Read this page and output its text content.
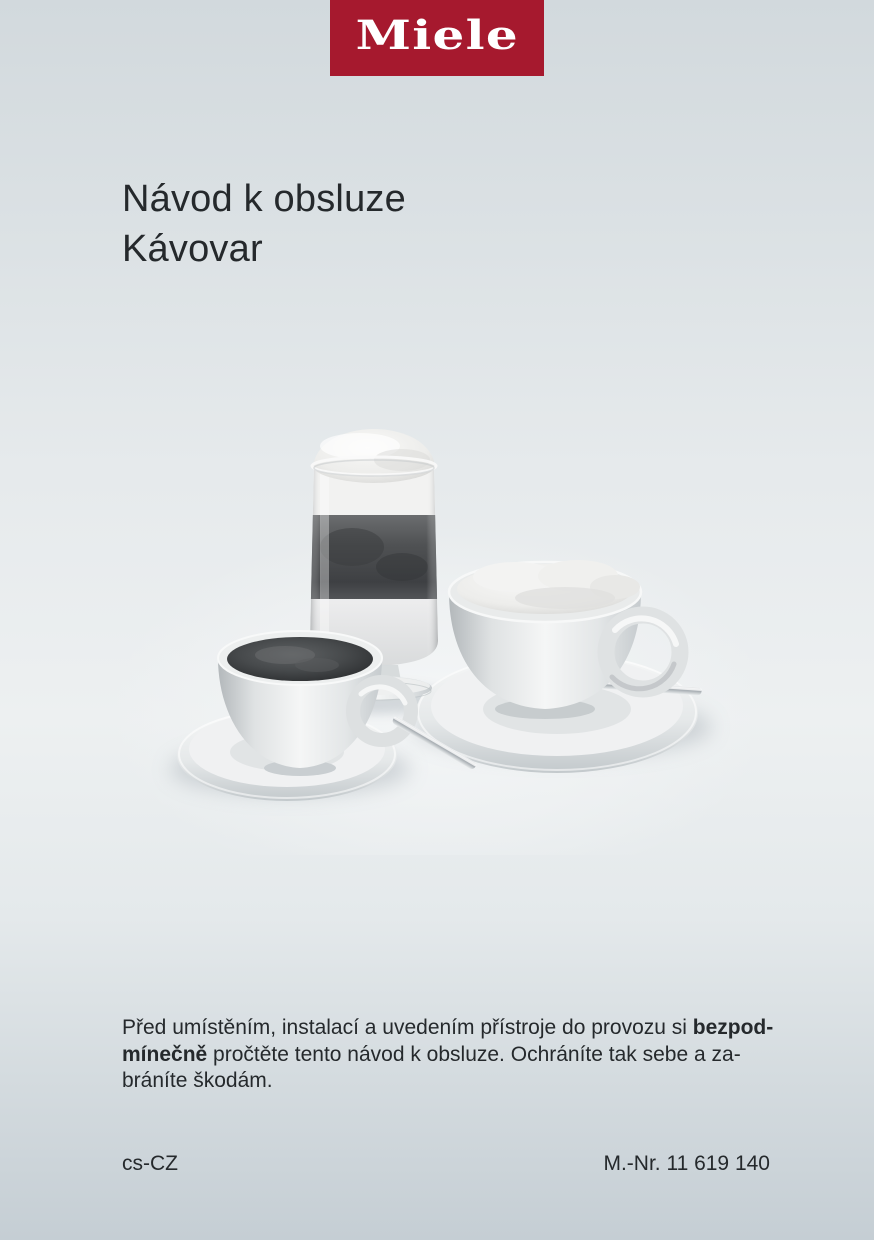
Miele
Návod k obsluze
Kávovar
Před umístěním, instalací a uvedením přístroje do provozu si bezpod-
mínečně pročtěte tento návod k obsluze. Ochráníte tak sebe a za-
bráníte škodám.
cs-CZ	M.-Nr. 11 619 140
